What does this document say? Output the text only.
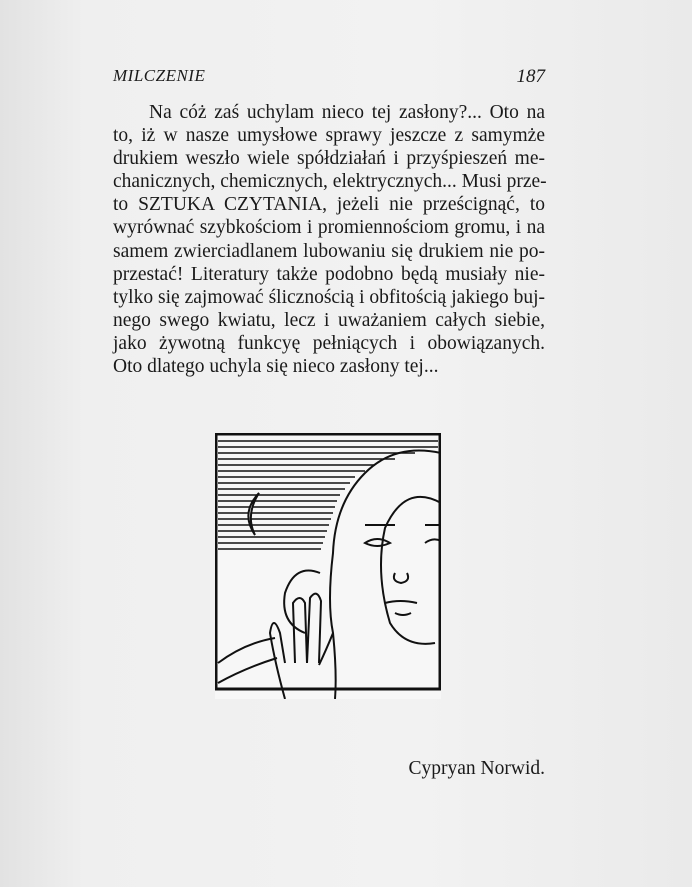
MILCZENIE	187
Na cóż zaś uchylam nieco tej zasłony?... Oto na
to, iż w nasze umysłowe sprawy jeszcze z samymże
drukiem weszło wiele spółdziałań i przyśpieszeń me-
chanicznych, chemicznych, elektrycznych... Musi prze-
to SZTUKA CZYTANIA, jeżeli nie prześcignąć, to
wyrównać szybkościom i promiennościom gromu, i na
samem zwierciadlanem lubowaniu się drukiem nie po-
przestać! Literatury także podobno będą musiały nie-
tylko się zajmować ślicznością i obfitością jakiego buj-
nego swego kwiatu, lecz i uważaniem całych siebie,
jako żywotną funkcyę pełniących i obowiązanych.
Oto dlatego uchyla się nieco zasłony tej...
Cypryan Norwid.
